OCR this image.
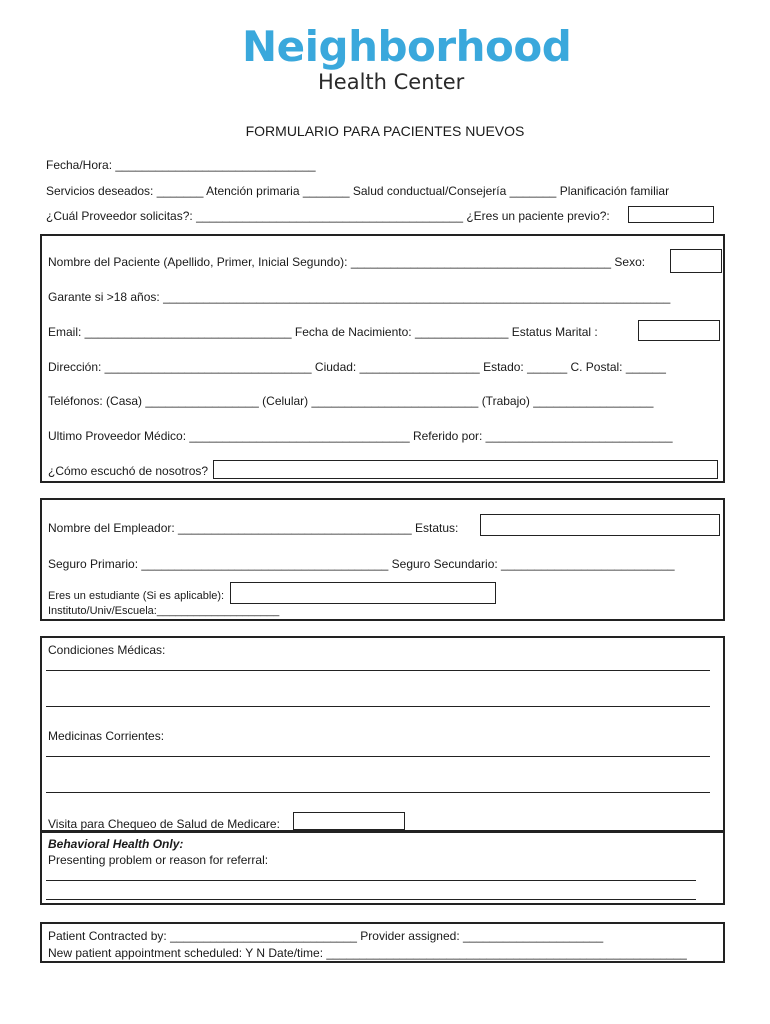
Neighborhood
Health Center
FORMULARIO PARA PACIENTES NUEVOS
Fecha/Hora: ______________________________
Servicios deseados: _______ Atención primaria _______ Salud conductual/Consejería _______ Planificación familiar
¿Cuál Proveedor solicitas?: ________________________________________ ¿Eres un paciente previo?:
Nombre del Paciente (Apellido, Primer, Inicial Segundo): _______________________________________ Sexo:
Garante si >18 años: ____________________________________________________________________________
Email: _______________________________ Fecha de Nacimiento: ______________ Estatus Marital :
Dirección: _______________________________ Ciudad: __________________ Estado: ______ C. Postal: ______
Teléfonos: (Casa) _________________ (Celular) _________________________ (Trabajo) __________________
Ultimo Proveedor Médico: _________________________________ Referido por: ____________________________
¿Cómo escuchó de nosotros?
Nombre del Empleador: ___________________________________ Estatus:
Seguro Primario: _____________________________________ Seguro Secundario: __________________________
Eres un estudiante (Si es aplicable):
Instituto/Univ/Escuela:____________________
Condiciones Médicas:
Medicinas Corrientes:
Visita para Chequeo de Salud de Medicare:
Behavioral Health Only:
Presenting problem or reason for referral:
Patient Contracted by: ____________________________ Provider assigned: _____________________
New patient appointment scheduled: Y N Date/time: ______________________________________________________
